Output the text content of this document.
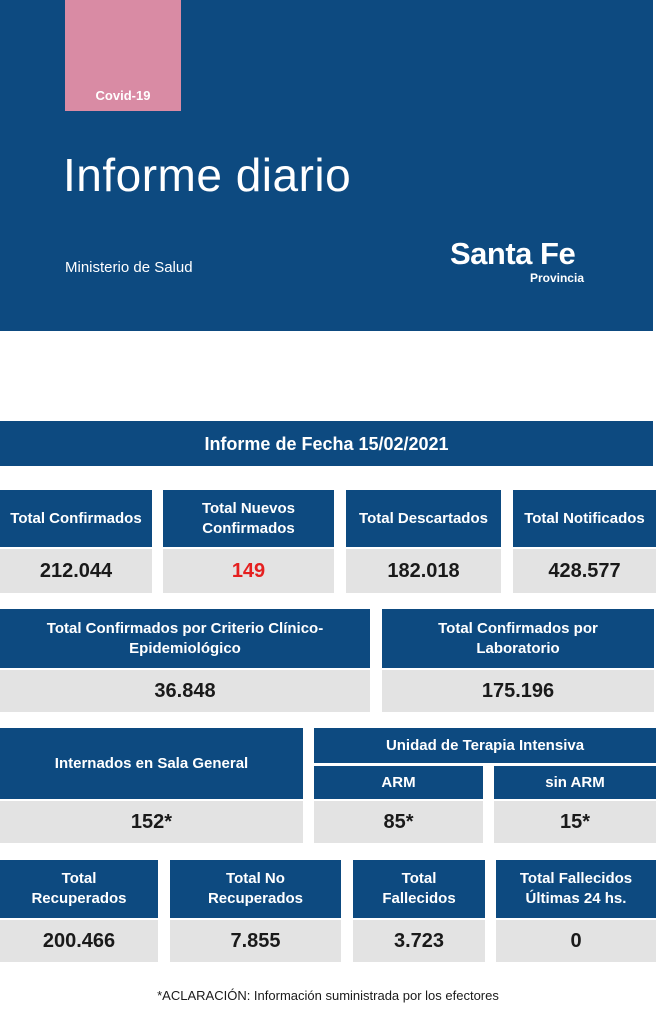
Covid-19
Informe diario
Ministerio de Salud	Santa Fe
Provincia
Informe de Fecha 15/02/2021
Total Confirmados
212.044
Total Nuevos Confirmados
149
Total Descartados
182.018
Total Notificados
428.577
Total Confirmados por Criterio Clínico-Epidemiológico
36.848
Total Confirmados por Laboratorio
175.196
Internados en Sala General
152*
Unidad de Terapia Intensiva
ARM
85*
sin ARM
15*
Total Recuperados
200.466
Total No Recuperados
7.855
Total Fallecidos
3.723
Total Fallecidos Últimas 24 hs.
0
*ACLARACIÓN: Información suministrada por los efectores
